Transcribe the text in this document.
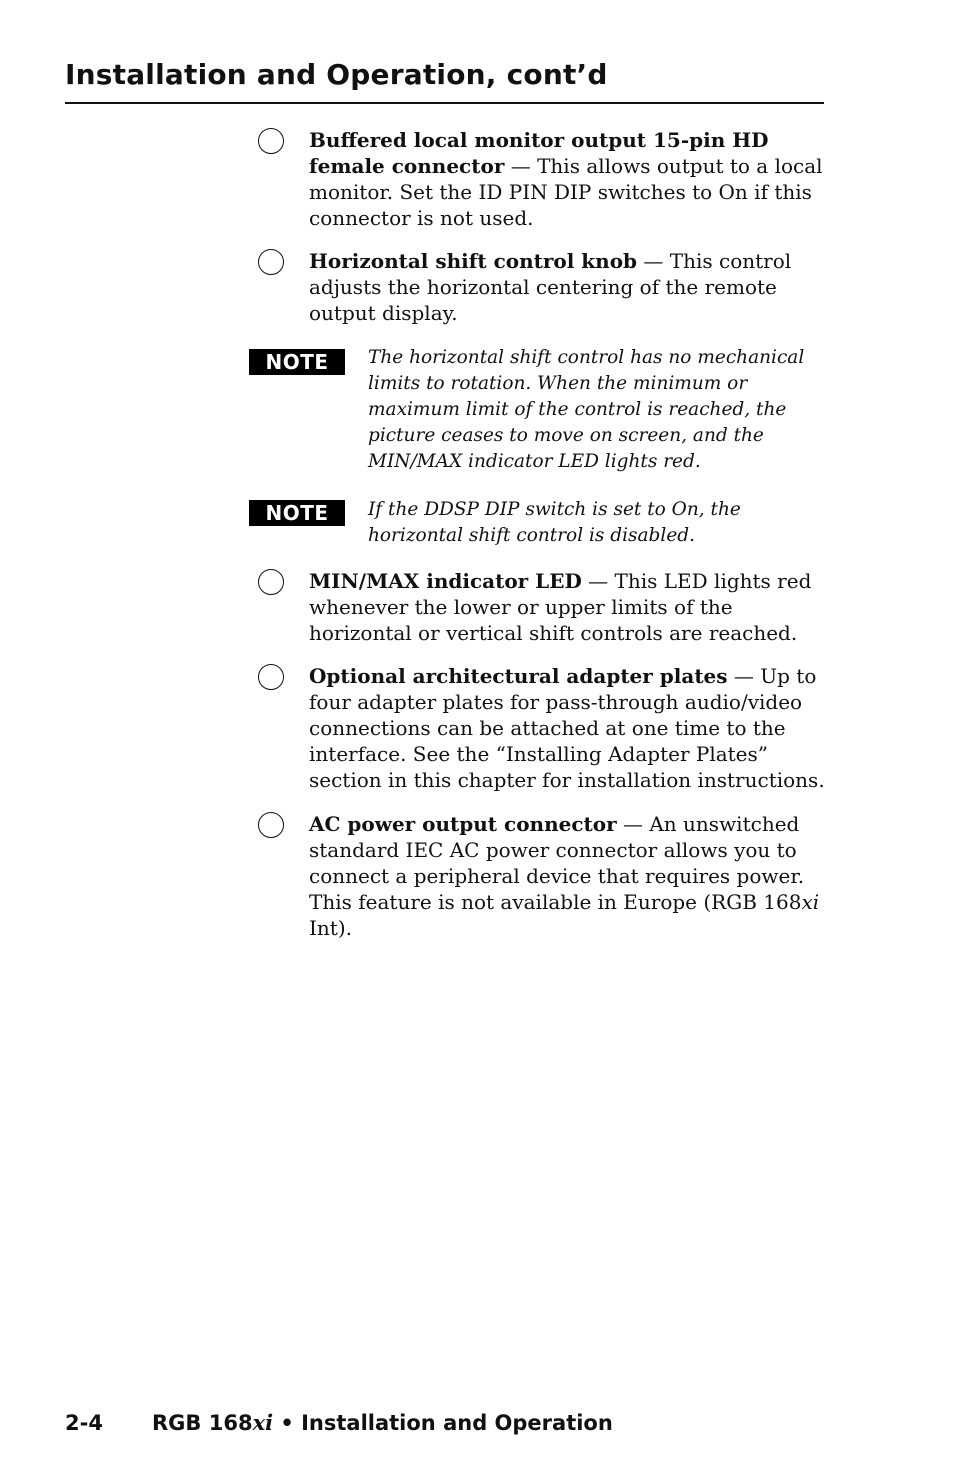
Installation and Operation, cont’d

Buffered local monitor output 15-pin HD female connector — This allows output to a local monitor. Set the ID PIN DIP switches to On if this connector is not used.

Horizontal shift control knob — This control adjusts the horizontal centering of the remote output display.

NOTE	The horizontal shift control has no mechanical limits to rotation. When the minimum or maximum limit of the control is reached, the picture ceases to move on screen, and the MIN/MAX indicator LED lights red.

NOTE	If the DDSP DIP switch is set to On, the horizontal shift control is disabled.

MIN/MAX indicator LED — This LED lights red whenever the lower or upper limits of the horizontal or vertical shift controls are reached.

Optional architectural adapter plates — Up to four adapter plates for pass-through audio/video connections can be attached at one time to the interface. See the “Installing Adapter Plates” section in this chapter for installation instructions.

AC power output connector — An unswitched standard IEC AC power connector allows you to connect a peripheral device that requires power. This feature is not available in Europe (RGB 168xi Int).

2-4 RGB 168xi • Installation and Operation
